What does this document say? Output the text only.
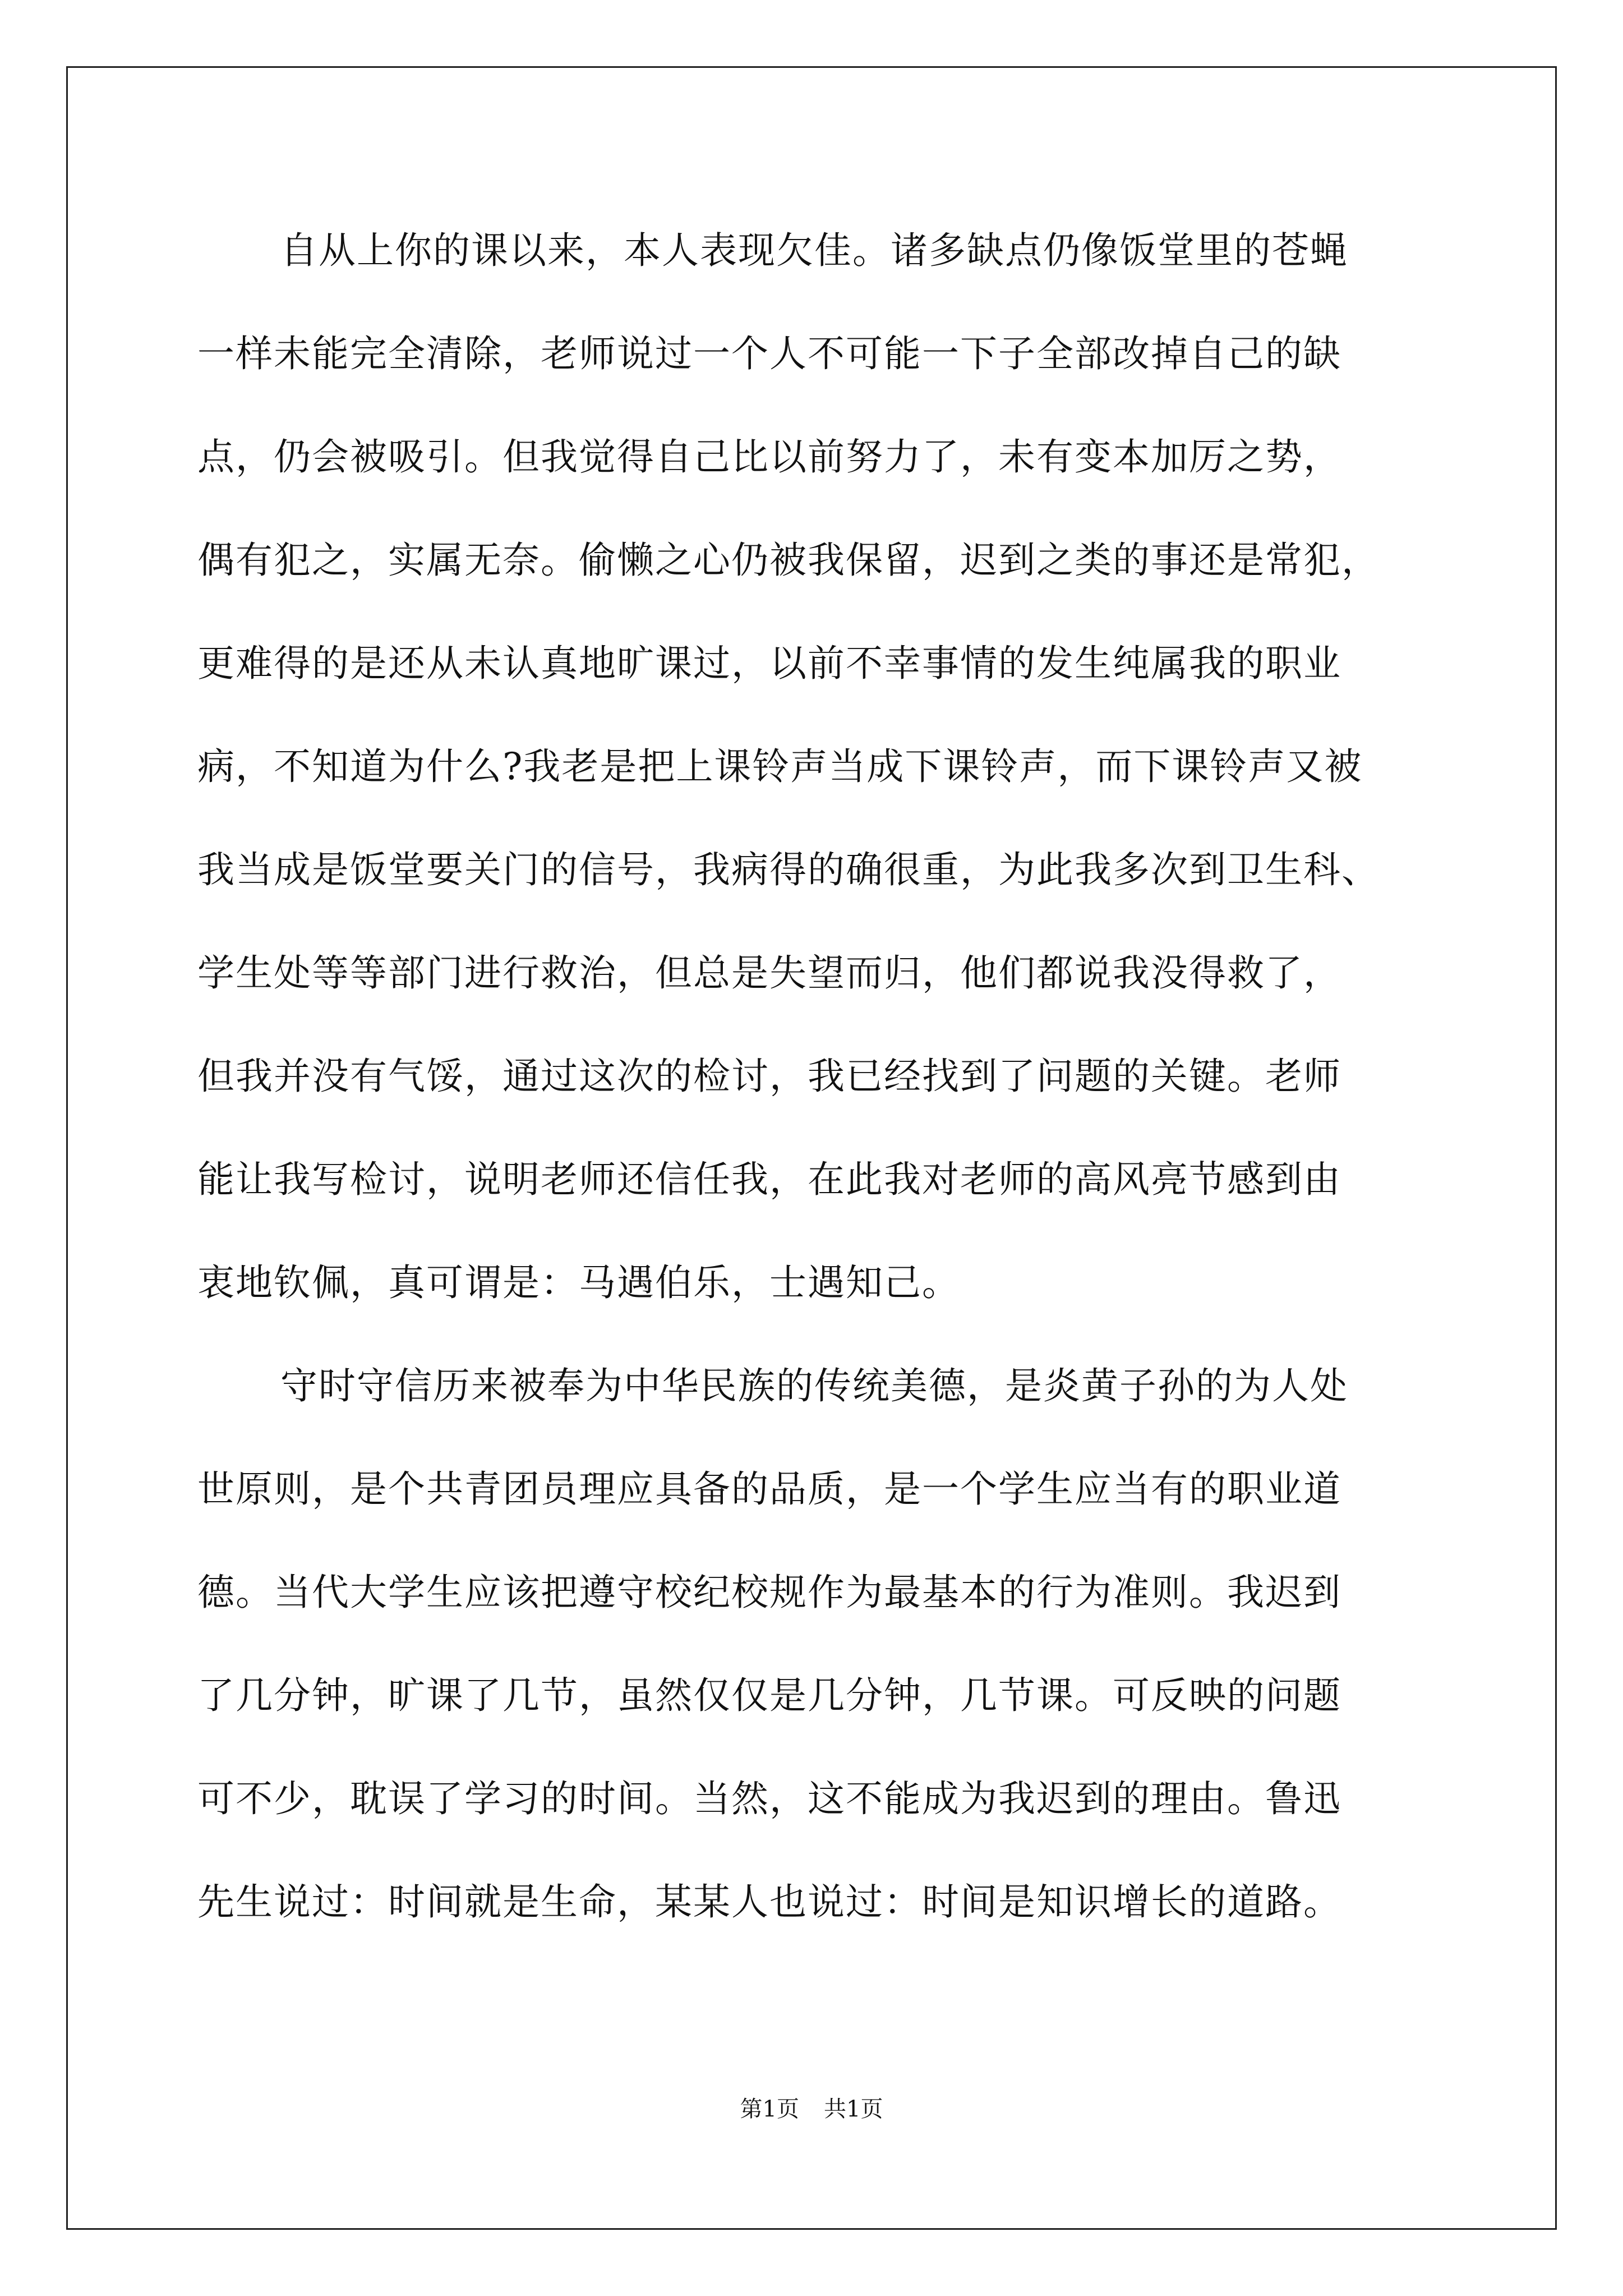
自从上你的课以来，本人表现欠佳。诸多缺点仍像饭堂里的苍蝇
一样未能完全清除，老师说过一个人不可能一下子全部改掉自己的缺
点，仍会被吸引。但我觉得自己比以前努力了，未有变本加厉之势，
偶有犯之，实属无奈。偷懒之心仍被我保留，迟到之类的事还是常犯，
更难得的是还从未认真地旷课过，以前不幸事情的发生纯属我的职业
病，不知道为什么?我老是把上课铃声当成下课铃声，而下课铃声又被
我当成是饭堂要关门的信号，我病得的确很重，为此我多次到卫生科、
学生处等等部门进行救治，但总是失望而归，他们都说我没得救了，
但我并没有气馁，通过这次的检讨，我已经找到了问题的关键。老师
能让我写检讨，说明老师还信任我，在此我对老师的高风亮节感到由
衷地钦佩，真可谓是：马遇伯乐，士遇知己。
守时守信历来被奉为中华民族的传统美德，是炎黄子孙的为人处
世原则，是个共青团员理应具备的品质，是一个学生应当有的职业道
德。当代大学生应该把遵守校纪校规作为最基本的行为准则。我迟到
了几分钟，旷课了几节，虽然仅仅是几分钟，几节课。可反映的问题
可不少，耽误了学习的时间。当然，这不能成为我迟到的理由。鲁迅
先生说过：时间就是生命，某某人也说过：时间是知识增长的道路。
第1页 共1页
